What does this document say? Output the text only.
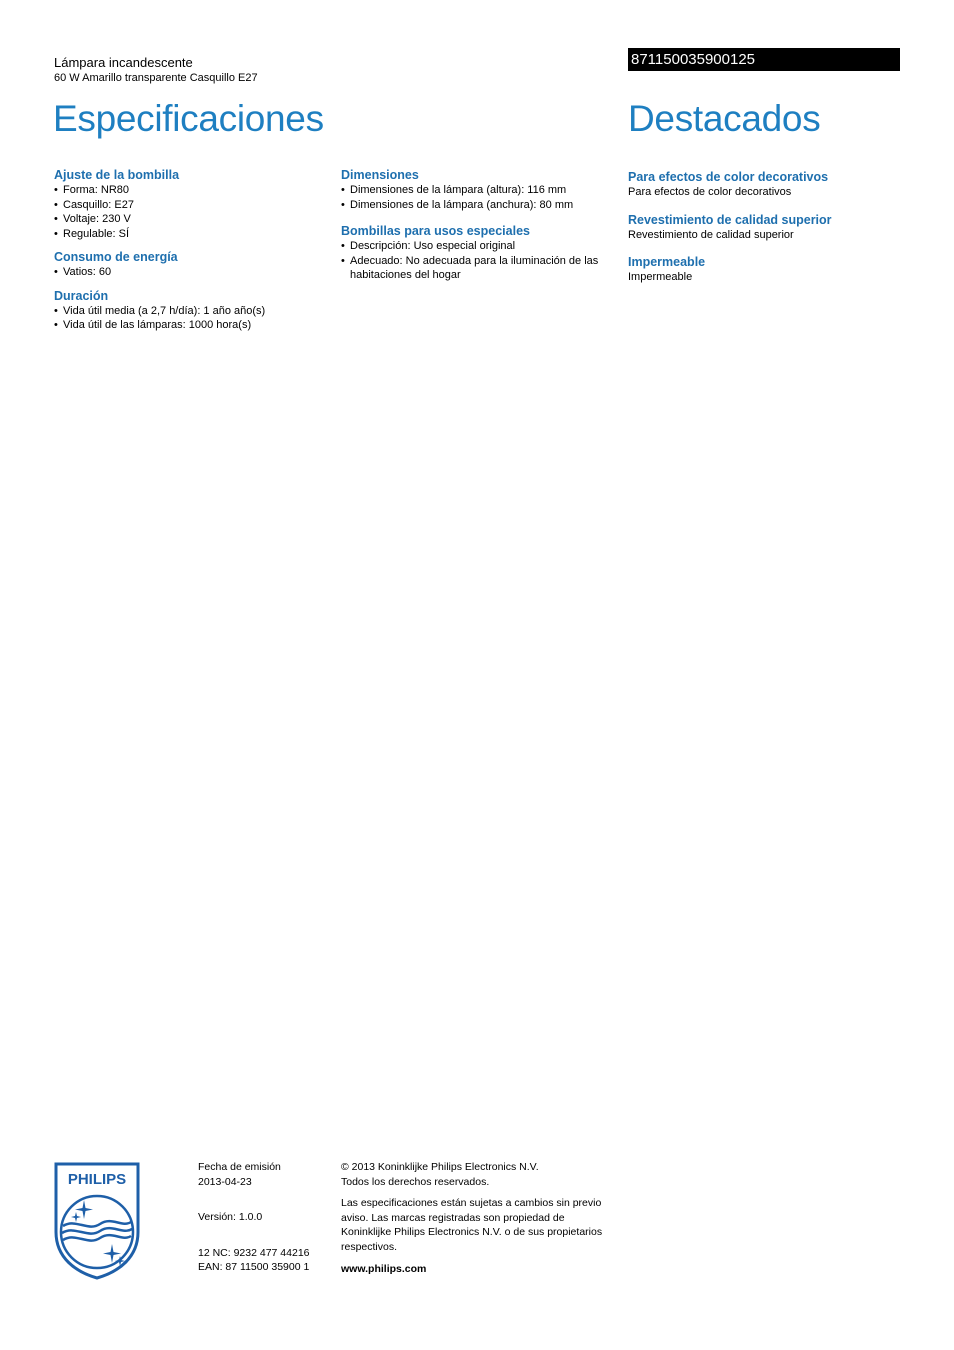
Lámpara incandescente
60 W Amarillo transparente Casquillo E27
871150035900125
Especificaciones	Destacados
Ajuste de la bombilla
• Forma: NR80
• Casquillo: E27
• Voltaje: 230 V
• Regulable: SÍ
Consumo de energía
• Vatios: 60
Duración
• Vida útil media (a 2,7 h/día): 1 año año(s)
• Vida útil de las lámparas: 1000 hora(s)
Dimensiones
• Dimensiones de la lámpara (altura): 116 mm
• Dimensiones de la lámpara (anchura): 80 mm
Bombillas para usos especiales
• Descripción: Uso especial original
• Adecuado: No adecuada para la iluminación de las habitaciones del hogar
Para efectos de color decorativos
Para efectos de color decorativos
Revestimiento de calidad superior
Revestimiento de calidad superior
Impermeable
Impermeable
PHILIPS

Fecha de emisión

2013-04-23

Versión: 1.0.0

12 NC: 9232 477 44216

EAN: 87 11500 35900 1

© 2013 Koninklijke Philips Electronics N.V.

Todos los derechos reservados.

Las especificaciones están sujetas a cambios sin previo aviso. Las marcas registradas son propiedad de Koninklijke Philips Electronics N.V. o de sus propietarios respectivos.

www.philips.com
